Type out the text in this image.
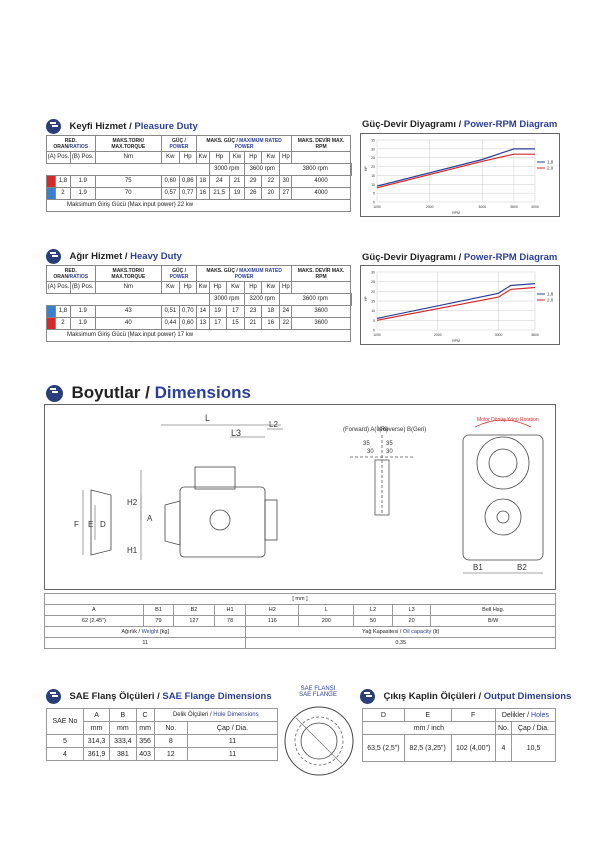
Keyfi Hizmet / Pleasure Duty
RED. ORAN/RATIOS			MAKS.TORK/ MAX.TORQUE	GÜÇ / POWER		MAKS. GÜÇ / MAXIMUM RATED POWER						MAKS. DEVİR MAX. RPM	
(A) Pos.		(B) Pos.	Nm	Kw	Hp	Kw	Hp	Kw	Hp	Kw	Hp		
							3000 rpm		3600 rpm		3800 rpm		
	1,8	1.9	75	0,60	0,86	18	24	21	29	22	30	4000	
	2	1.9	70	0,57	0,77	16	21,5	19	26	20	27	4000	
Maksimum Giriş Gücü (Max.input power) 22 kw													
Güç-Devir Diyagramı / Power-RPM Diagram
0
5
10
15
20
25
30
35
1000	2000	3000	3600	4000
RPM
HP
1,8
2,0
Ağır Hizmet / Heavy Duty
RED. ORAN/RATIOS			MAKS.TORK/ MAX.TORQUE	GÜÇ / POWER		MAKS. GÜÇ / MAXIMUM RATED POWER						MAKS. DEVİR MAX. RPM	
(A) Pos.		(B) Pos.	Nm	Kw	Hp	Kw	Hp	Kw	Hp	Kw	Hp		
							3000 rpm		3200 rpm		3600 rpm		
	1,8	1.9	43	0,51	0,70	14	19	17	23	18	24	3600	
	2	1.9	40	0,44	0,60	13	17	15	21	16	22	3600	
Maksimum Giriş Gücü (Max.input power) 17 kw													
Güç-Devir Diyagramı / Power-RPM Diagram
0
5
10
15
20
25
30
1000	2000	3000	3600
RPM
HP
1,8
2,0
Boyutlar / Dimensions
L
L3
L2
H2
H1
A
F E D
(Forward) A(İleri)
(Reverse) B(Geri)
35	35
30 30
Motor Dönüş Yönü Rotation
B1	B2
[ mm ]								
A	B1	B2	H1	H2	L	L2	L3	Bell Hsg.
62 (2.45")	79	127	78	116	200	50	20	B/W
Ağırlık / Weight [kg]				Yağ Kapasitesi / Oil capacity (lt)				
11				0,35				
SAE Flanş Ölçüleri / SAE Flange Dimensions
SAE No	A	B	C	Delik Ölçüleri / Hole Dimensions	
	mm	mm	mm	No.	Çap / Dia.
5	314,3	333,4	356	8	11
4	361,9	381	403	12	11
SAE FLANŞI
SAE FLANGE	Çıkış Kaplin Ölçüleri / Output Dimensions
D	E	F	Delikler / Holes	
mm / inch			No.	Çap / Dia.
63,5 (2,5")	82,5 (3,25")	102 (4,00")	4	10,5
